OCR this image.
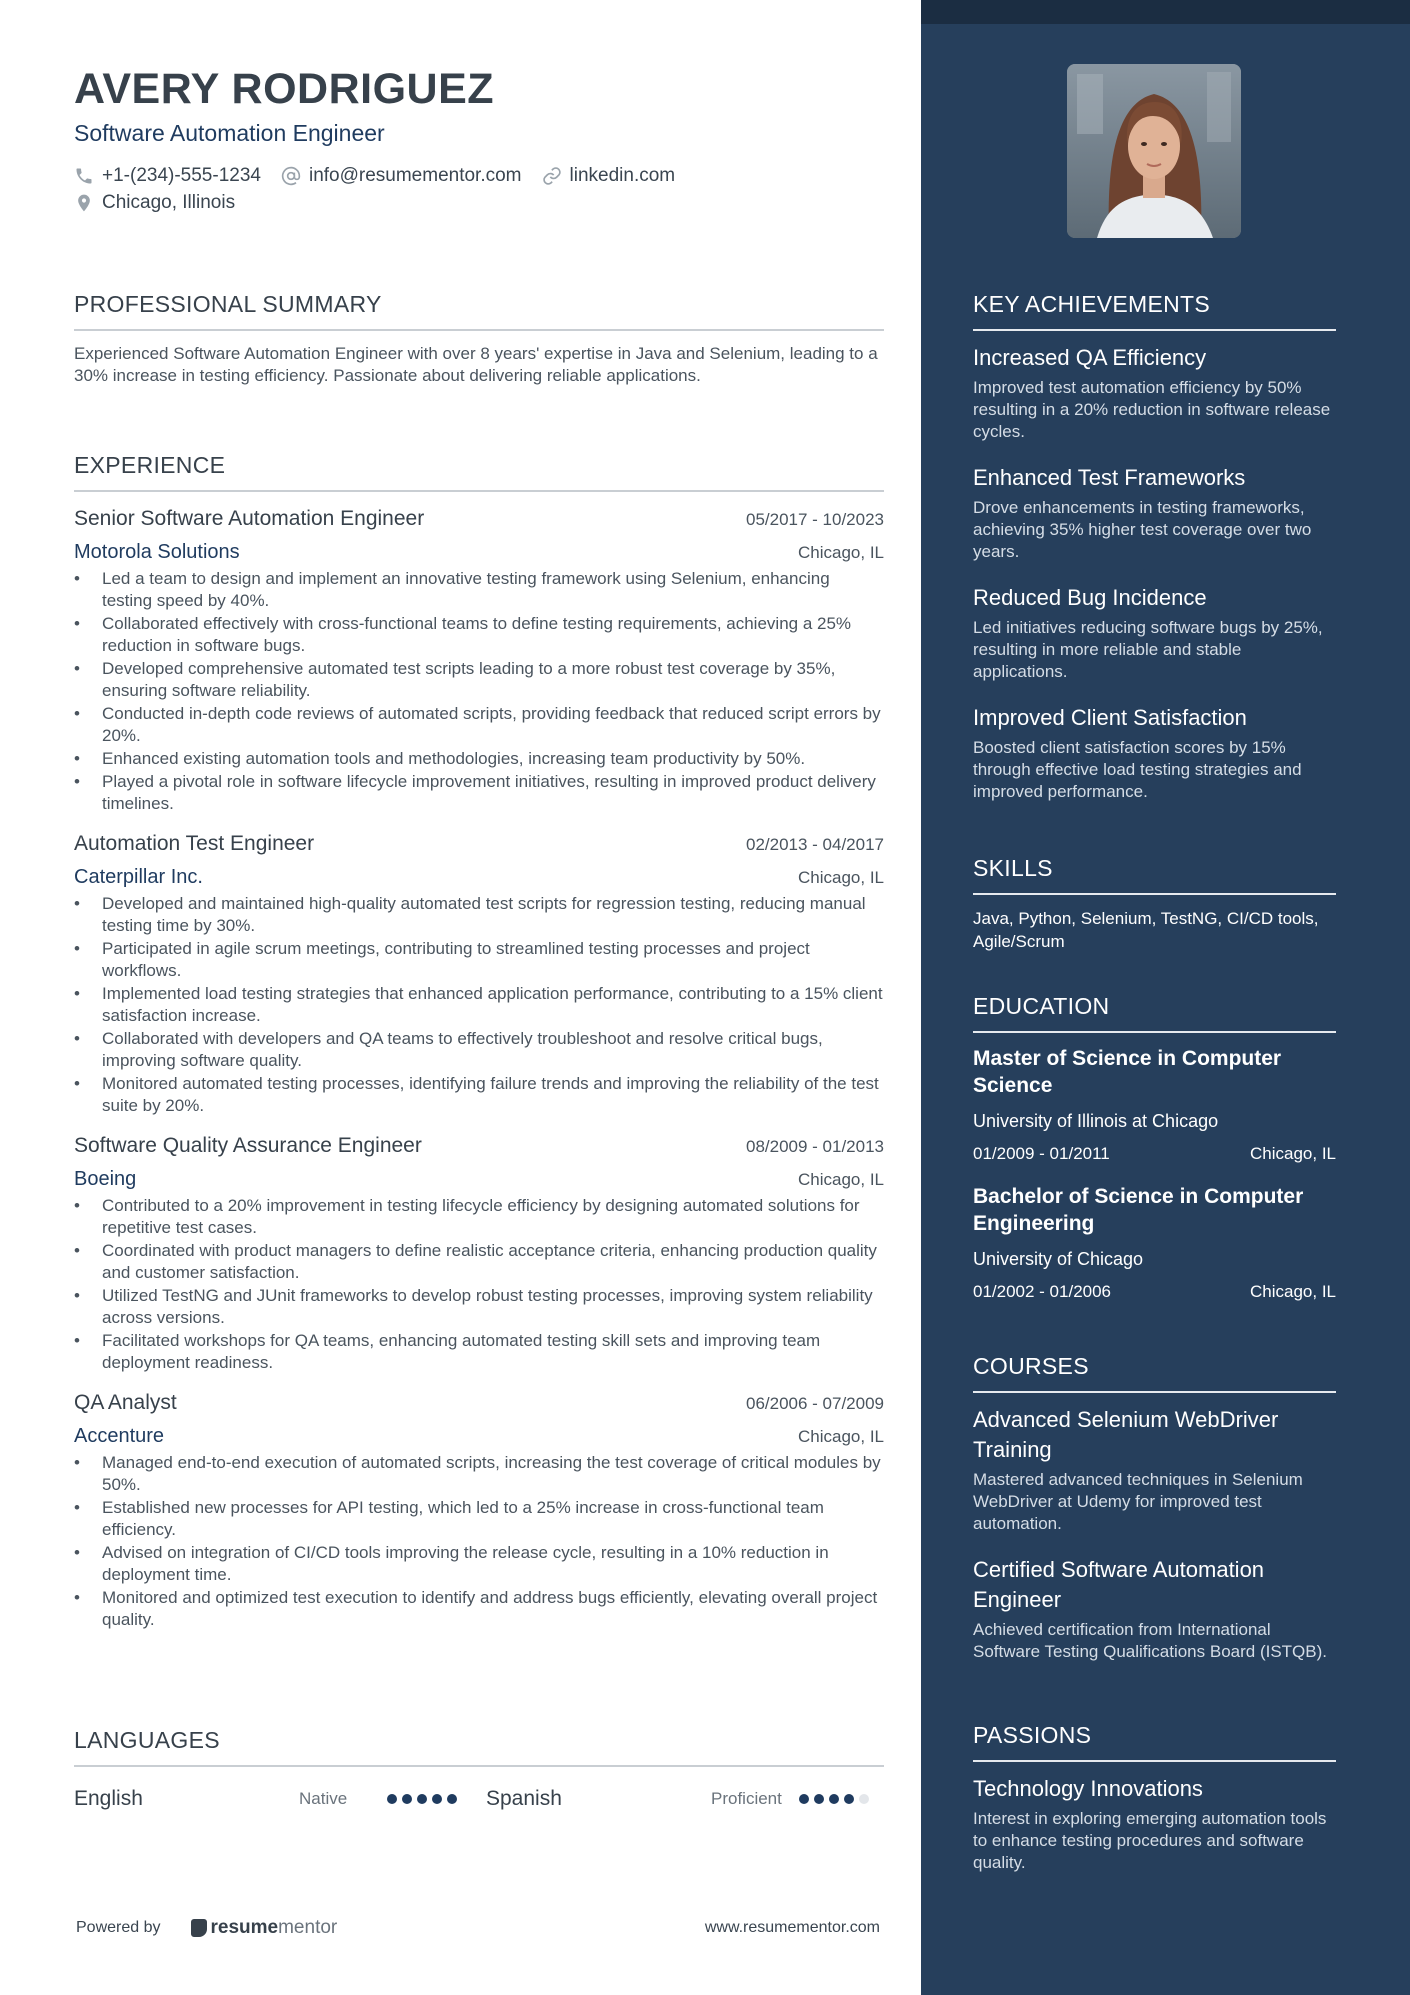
AVERY RODRIGUEZ
Software Automation Engineer
+1-(234)-555-1234	info@resumementor.com	linkedin.com
Chicago, Illinois
PROFESSIONAL SUMMARY
Experienced Software Automation Engineer with over 8 years' expertise in Java and Selenium, leading to a 30% increase in testing efficiency. Passionate about delivering reliable applications.
EXPERIENCE
Senior Software Automation Engineer	05/2017 - 10/2023
Motorola Solutions	Chicago, IL
• Led a team to design and implement an innovative testing framework using Selenium, enhancing testing speed by 40%.
• Collaborated effectively with cross-functional teams to define testing requirements, achieving a 25% reduction in software bugs.
• Developed comprehensive automated test scripts leading to a more robust test coverage by 35%, ensuring software reliability.
• Conducted in-depth code reviews of automated scripts, providing feedback that reduced script errors by 20%.
• Enhanced existing automation tools and methodologies, increasing team productivity by 50%.
• Played a pivotal role in software lifecycle improvement initiatives, resulting in improved product delivery timelines.
Automation Test Engineer	02/2013 - 04/2017
Caterpillar Inc.	Chicago, IL
• Developed and maintained high-quality automated test scripts for regression testing, reducing manual testing time by 30%.
• Participated in agile scrum meetings, contributing to streamlined testing processes and project workflows.
• Implemented load testing strategies that enhanced application performance, contributing to a 15% client satisfaction increase.
• Collaborated with developers and QA teams to effectively troubleshoot and resolve critical bugs, improving software quality.
• Monitored automated testing processes, identifying failure trends and improving the reliability of the test suite by 20%.
Software Quality Assurance Engineer	08/2009 - 01/2013
Boeing	Chicago, IL
• Contributed to a 20% improvement in testing lifecycle efficiency by designing automated solutions for repetitive test cases.
• Coordinated with product managers to define realistic acceptance criteria, enhancing production quality and customer satisfaction.
• Utilized TestNG and JUnit frameworks to develop robust testing processes, improving system reliability across versions.
• Facilitated workshops for QA teams, enhancing automated testing skill sets and improving team deployment readiness.
QA Analyst	06/2006 - 07/2009
Accenture	Chicago, IL
• Managed end-to-end execution of automated scripts, increasing the test coverage of critical modules by 50%.
• Established new processes for API testing, which led to a 25% increase in cross-functional team efficiency.
• Advised on integration of CI/CD tools improving the release cycle, resulting in a 10% reduction in deployment time.
• Monitored and optimized test execution to identify and address bugs efficiently, elevating overall project quality.
LANGUAGES
English	Native	Spanish	Proficient
Powered by	resume mentor	www.resumementor.com
KEY ACHIEVEMENTS
Increased QA Efficiency
Improved test automation efficiency by 50% resulting in a 20% reduction in software release cycles.
Enhanced Test Frameworks
Drove enhancements in testing frameworks, achieving 35% higher test coverage over two years.
Reduced Bug Incidence
Led initiatives reducing software bugs by 25%, resulting in more reliable and stable applications.
Improved Client Satisfaction
Boosted client satisfaction scores by 15% through effective load testing strategies and improved performance.
SKILLS
Java, Python, Selenium, TestNG, CI/CD tools, Agile/Scrum
EDUCATION
Master of Science in Computer Science
University of Illinois at Chicago
01/2009 - 01/2011	Chicago, IL
Bachelor of Science in Computer Engineering
University of Chicago
01/2002 - 01/2006	Chicago, IL
COURSES
Advanced Selenium WebDriver Training
Mastered advanced techniques in Selenium WebDriver at Udemy for improved test automation.
Certified Software Automation Engineer
Achieved certification from International Software Testing Qualifications Board (ISTQB).
PASSIONS
Technology Innovations
Interest in exploring emerging automation tools to enhance testing procedures and software quality.
